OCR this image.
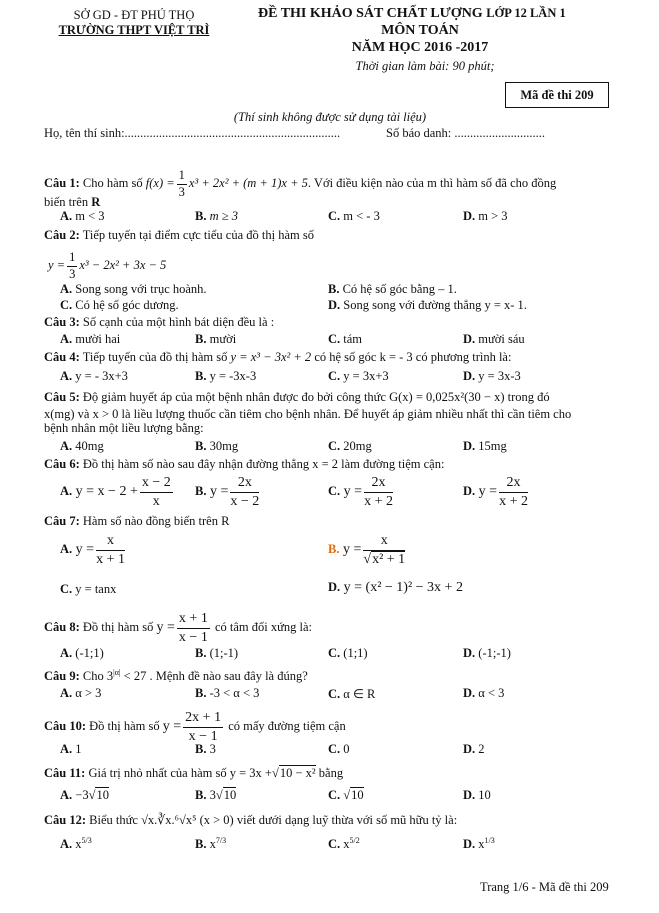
SỞ GD - ĐT PHÚ THỌ
TRƯỜNG THPT VIỆT TRÌ
ĐỀ THI KHẢO SÁT CHẤT LƯỢNG LỚP 12 LẦN 1
MÔN TOÁN
NĂM HỌC 2016 -2017
Thời gian làm bài: 90 phút;
Mã đề thi 209
(Thí sinh không được sử dụng tài liệu)
Họ, tên thí sinh:.....................................................................	Số báo danh: .............................
Câu 1: Cho hàm số $f(x) = \frac{1}{3} x^3 + 2x^2 + (m + 1)x + 5$. Với điều kiện nào của m thì hàm số đã cho đồng
biến trên R
A. m < 3	B. m ≥ 3	C. m < - 3	D. m > 3
Câu 2: Tiếp tuyến tại điểm cực tiểu của đồ thị hàm số
$y = \frac{1}{3} x^3 - 2x^2 + 3x - 5$
A. Song song với trục hoành.	B. Có hệ số góc bằng – 1.
C. Có hệ số góc dương.	D. Song song với đường thẳng y = x- 1.
Câu 3: Số cạnh của một hình bát diện đều là :
A. mười hai	B. mười	C. tám	D. mười sáu
Câu 4: Tiếp tuyến của đồ thị hàm số y = x³ − 3x² + 2 có hệ số góc k = - 3 có phương trình là:
A. y = - 3x+3	B. y = -3x-3	C. y = 3x+3	D. y = 3x-3
Câu 5: Độ giảm huyết áp của một bệnh nhân được đo bởi công thức G(x) = 0,025x²(30 − x) trong đó
x(mg) và x > 0 là liều lượng thuốc cần tiêm cho bệnh nhân. Để huyết áp giảm nhiều nhất thì cần tiêm cho
bệnh nhân một liều lượng bằng:
A. 40mg	B. 30mg	C. 20mg	D. 15mg
Câu 6: Đồ thị hàm số nào sau đây nhận đường thẳng x = 2 làm đường tiệm cận:
A. $y = x - 2 + \frac{x - 2}{x} B$. $y = \frac{2x}{x - 2}$	C. $y = \frac{2x}{x + 2}$	D. $y = \frac{2x}{x + 2}$
Câu 7: Hàm số nào đồng biến trên R
A. $y = \frac{x}{x + 1}$	B. $y = \frac{x}{\text{√x² + 1}}$
C. y = tanx	D. y = (x² − 1)² − 3x + 2
Câu 8: Đồ thị hàm số $y = \frac{x + 1}{x - 1}$ có tâm đối xứng là:
A. (-1;1)	B. (1;-1)	C. (1;1)	D. (-1;-1)
Câu 9: Cho $3^{|\alpha|} < 27$ . Mệnh đề nào sau đây là đúng?
A. α > 3	B. -3 < α < 3	C. α ∈ R	D. α < 3
Câu 10: Đồ thị hàm số $y = \frac{2x + 1}{x - 1}$ có mấy đường tiệm cận
A. 1	B. 3	C. 0	D. 2
Câu 11: Giá trị nhỏ nhất của hàm số y = 3x +√10 − x² bằng
A. −3√10	B. 3√10	C. √10	D. 10
Câu 12: Biểu thức √x.∛x.⁶√x⁵ (x > 0) viết dưới dạng luỹ thừa với số mũ hữu tỷ là:
A. $x^{5/3}$	B. $x^{7/3}$	C. $x^{5/2}$	D. $x^{1/3}$
Trang 1/6 - Mã đề thi 209
